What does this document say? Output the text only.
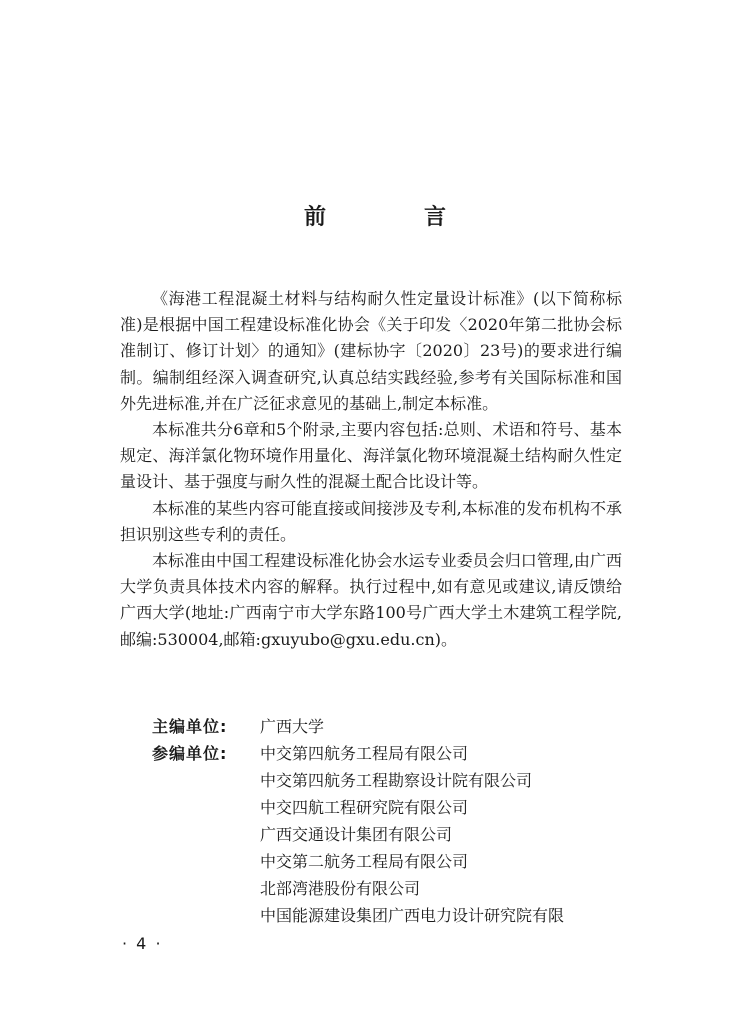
前　言

《海港工程混凝土材料与结构耐久性定量设计标准》(以下简称标准)是根据中国工程建设标准化协会《关于印发〈2020年第二批协会标准制订、修订计划〉的通知》(建标协字〔2020〕23号)的要求进行编制。编制组经深入调查研究,认真总结实践经验,参考有关国际标准和国外先进标准,并在广泛征求意见的基础上,制定本标准。

本标准共分6章和5个附录,主要内容包括:总则、术语和符号、基本规定、海洋氯化物环境作用量化、海洋氯化物环境混凝土结构耐久性定量设计、基于强度与耐久性的混凝土配合比设计等。

本标准的某些内容可能直接或间接涉及专利,本标准的发布机构不承担识别这些专利的责任。

本标准由中国工程建设标准化协会水运专业委员会归口管理,由广西大学负责具体技术内容的解释。执行过程中,如有意见或建议,请反馈给广西大学(地址:广西南宁市大学东路100号广西大学土木建筑工程学院,邮编:530004,邮箱:gxuyubo@gxu.edu.cn)。

主编单位:	广西大学
参编单位:	中交第四航务工程局有限公司
中交第四航务工程勘察设计院有限公司
中交四航工程研究院有限公司
广西交通设计集团有限公司
中交第二航务工程局有限公司
北部湾港股份有限公司
中国能源建设集团广西电力设计研究院有限
· 4 ·
